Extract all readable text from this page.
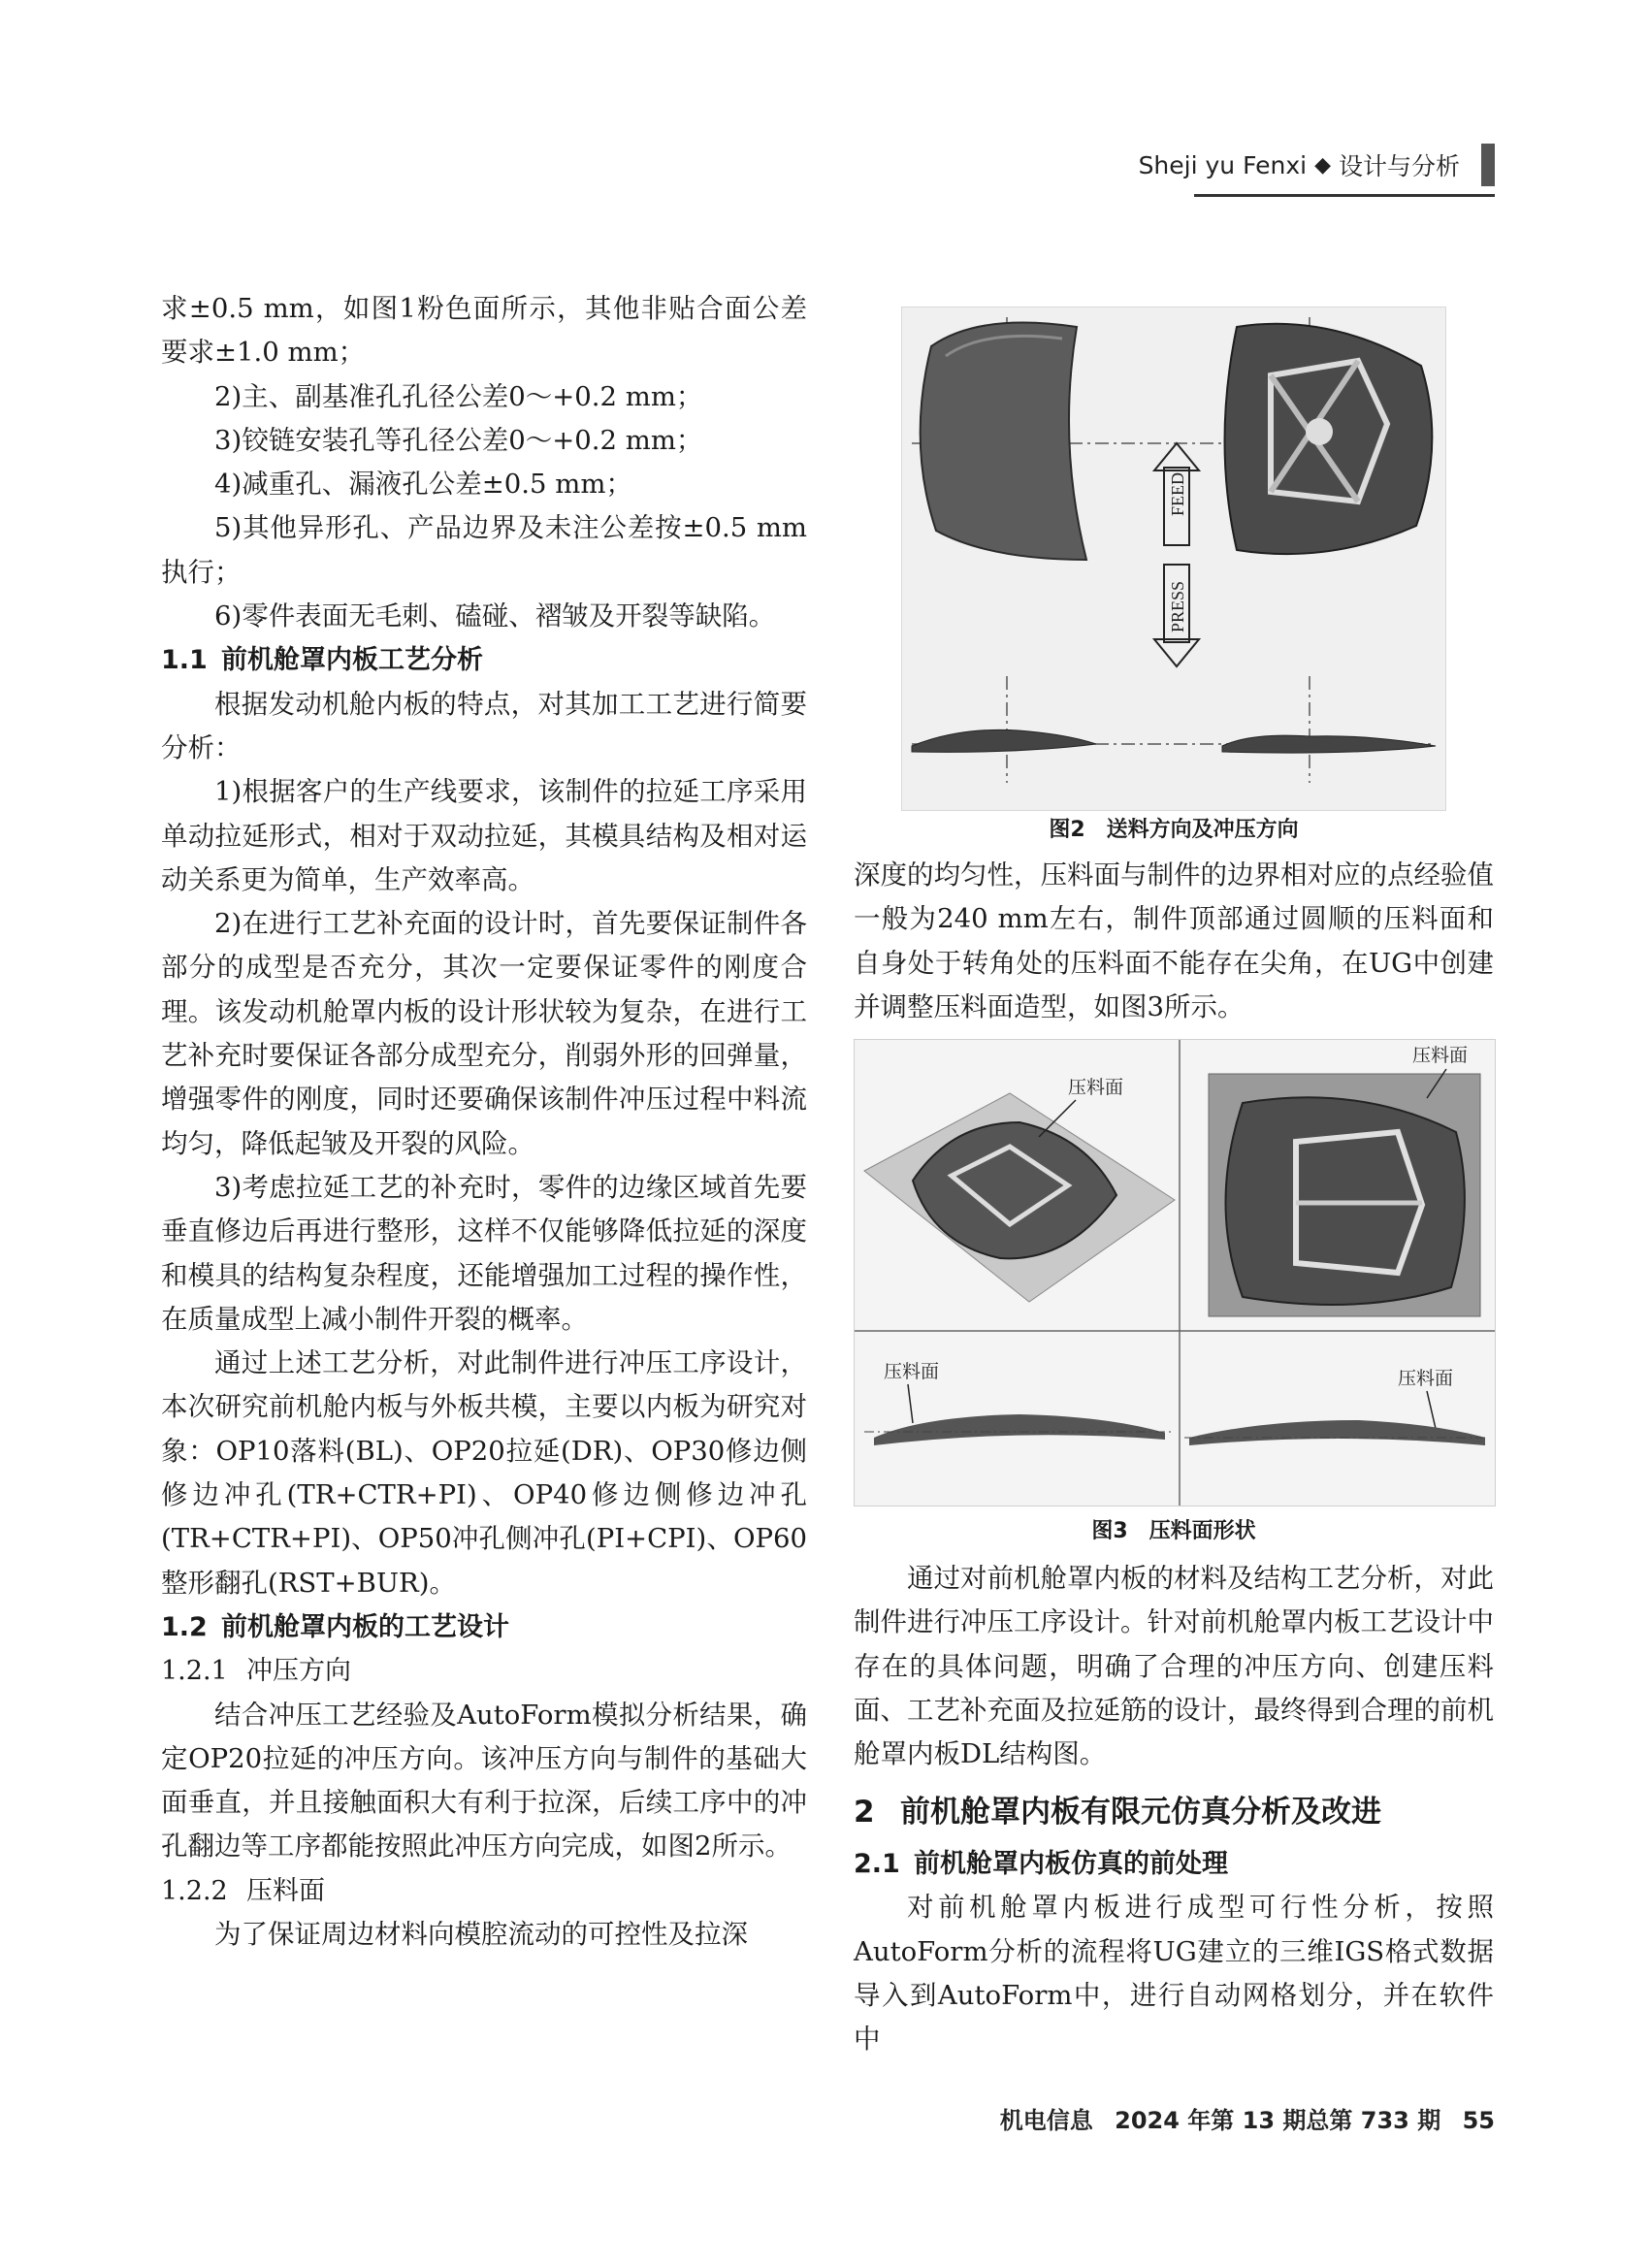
Sheji yu Fenxi ◆ 设计与分析

求±0.5 mm，如图1粉色面所示，其他非贴合面公差要求±1.0 mm；

2)主、副基准孔孔径公差0～+0.2 mm；

3)铰链安装孔等孔径公差0～+0.2 mm；

4)减重孔、漏液孔公差±0.5 mm；

5)其他异形孔、产品边界及未注公差按±0.5 mm执行；

6)零件表面无毛刺、磕碰、褶皱及开裂等缺陷。

1.1 前机舱罩内板工艺分析

根据发动机舱内板的特点，对其加工工艺进行简要分析：

1)根据客户的生产线要求，该制件的拉延工序采用单动拉延形式，相对于双动拉延，其模具结构及相对运动关系更为简单，生产效率高。

2)在进行工艺补充面的设计时，首先要保证制件各部分的成型是否充分，其次一定要保证零件的刚度合理。该发动机舱罩内板的设计形状较为复杂，在进行工艺补充时要保证各部分成型充分，削弱外形的回弹量，增强零件的刚度，同时还要确保该制件冲压过程中料流均匀，降低起皱及开裂的风险。

3)考虑拉延工艺的补充时，零件的边缘区域首先要垂直修边后再进行整形，这样不仅能够降低拉延的深度和模具的结构复杂程度，还能增强加工过程的操作性，在质量成型上减小制件开裂的概率。

通过上述工艺分析，对此制件进行冲压工序设计，本次研究前机舱内板与外板共模，主要以内板为研究对象：OP10落料(BL)、OP20拉延(DR)、OP30修边侧修边冲孔(TR+CTR+PI)、OP40修边侧修边冲孔(TR+CTR+PI)、OP50冲孔侧冲孔(PI+CPI)、OP60整形翻孔(RST+BUR)。

1.2 前机舱罩内板的工艺设计

1.2.1 冲压方向

结合冲压工艺经验及AutoForm模拟分析结果，确定OP20拉延的冲压方向。该冲压方向与制件的基础大面垂直，并且接触面积大有利于拉深，后续工序中的冲孔翻边等工序都能按照此冲压方向完成，如图2所示。

1.2.2 压料面

为了保证周边材料向模腔流动的可控性及拉深

FEED
PRESS
图2　送料方向及冲压方向

深度的均匀性，压料面与制件的边界相对应的点经验值一般为240 mm左右，制件顶部通过圆顺的压料面和自身处于转角处的压料面不能存在尖角，在UG中创建并调整压料面造型，如图3所示。

压料面
压料面
压料面	压料面
图3　压料面形状

通过对前机舱罩内板的材料及结构工艺分析，对此制件进行冲压工序设计。针对前机舱罩内板工艺设计中存在的具体问题，明确了合理的冲压方向、创建压料面、工艺补充面及拉延筋的设计，最终得到合理的前机舱罩内板DL结构图。

2 前机舱罩内板有限元仿真分析及改进

2.1 前机舱罩内板仿真的前处理

对前机舱罩内板进行成型可行性分析，按照AutoForm分析的流程将UG建立的三维IGS格式数据导入到AutoForm中，进行自动网格划分，并在软件中

机电信息 2024 年第 13 期总第 733 期 55
